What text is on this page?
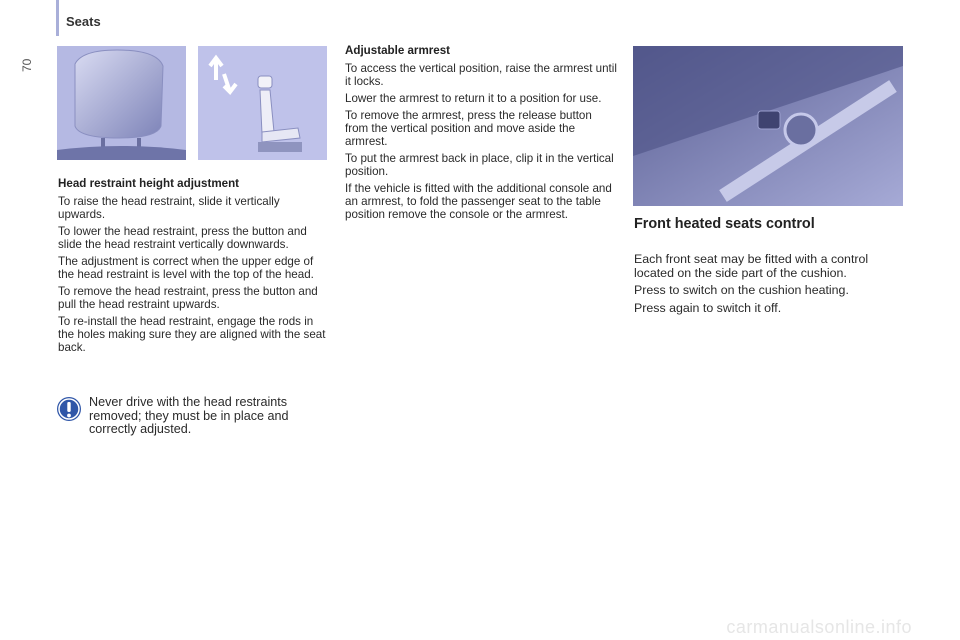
Seats
70
Head restraint height adjustment

To raise the head restraint, slide it vertically upwards.

To lower the head restraint, press the button and slide the head restraint vertically downwards.

The adjustment is correct when the upper edge of the head restraint is level with the top of the head.

To remove the head restraint, press the button and pull the head restraint upwards.

To re-install the head restraint, engage the rods in the holes making sure they are aligned with the seat back.

Never drive with the head restraints removed; they must be in place and correctly adjusted.
Adjustable armrest

To access the vertical position, raise the armrest until it locks.

Lower the armrest to return it to a position for use.

To remove the armrest, press the release button from the vertical position and move aside the armrest.

To put the armrest back in place, clip it in the vertical position.

If the vehicle is fitted with the additional console and an armrest, to fold the passenger seat to the table position remove the console or the armrest.

Front heated seats control

Each front seat may be fitted with a control located on the side part of the cushion.

Press to switch on the cushion heating.

Press again to switch it off.

carmanualsonline.info
